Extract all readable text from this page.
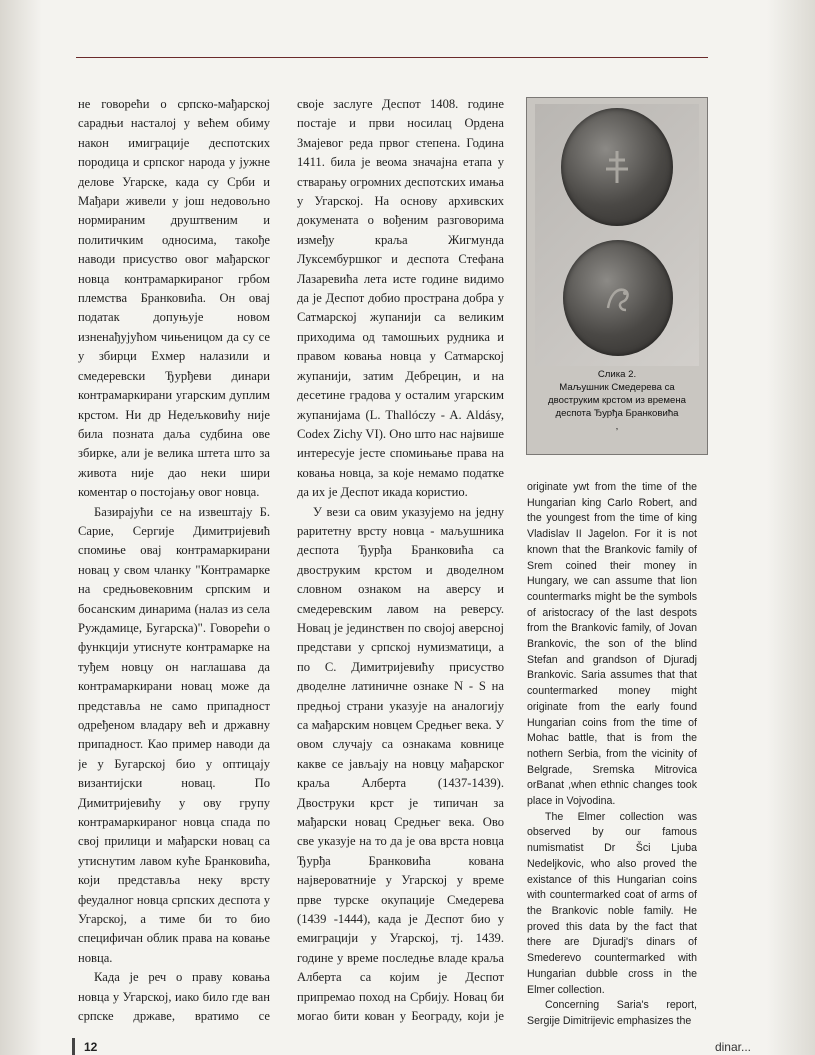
не говорећи о српско-мађарској сарадњи насталој у већем обиму након имиграције деспотских породица и српског народа у јужне делове Угарске, када су Срби и Мађари живели у још недовољно нормираним друштвеним и политичким односима, такође наводи присуство овог мађарског новца контрамаркираног грбом племства Бранковића. Он овај податак допуњује новом изненађујућом чињеницом да су се у збирци Ехмер налазили и смедеревски Ђурђеви динари контрамаркирани угарским дуплим крстом. Ни др Недељковићу није била позната даља судбина ове збирке, али је велика штета што за живота није дао неки шири коментар о постојању овог новца.

Базирајући се на извештају Б. Сарие, Сергије Димитријевић спомиње овај контрамаркирани новац у свом чланку "Контрамарке на средњовековним српским и босанским динарима (налаз из села Руждамице, Бугарска)". Говорећи о функцији утиснуте контрамарке на туђем новцу он наглашава да контрамаркирани новац може да представља не само припадност одређеном владару већ и државну припадност. Као пример наводи да је у Бугарској био у оптицају византијски новац. По Димитријевићу у ову групу контрамаркираног новца спада по свој прилици и мађарски новац са утиснутим лавом куће Бранковића, који представља неку врсту феудалног новца српских деспота у Угарској, а тиме би то био специфичан облик права на ковање новца.

Када је реч о праву ковања новца у Угарској, иако било где ван српске државе, вратимо се

своје заслуге Деспот 1408. године постаје и први носилац Ордена Змајевог реда првог степена. Година 1411. била је веома значајна етапа у стварању огромних деспотских имања у Угарској. На основу архивских докумената о вођеним разговорима између краља Жигмунда Луксембуршког и деспота Стефана Лазаревића лета исте године видимо да је Деспот добио пространа добра у Сатмарској жупанији са великим приходима од тамошњих рудника и правом ковања новца у Сатмарској жупанији, затим Дебрецин, и на десетине градова у осталим угарским жупанијама (L. Thallóczy - A. Aldásy, Codex Zichy VI). Оно што нас највише интересује јесте спомињање права на ковања новца, за које немамо податке да их је Деспот икада користио.

У вези са овим указујемо на једну раритетну врсту новца - маљушника деспота Ђурђа Бранковића са двоструким крстом и дводелном словном ознаком на аверсу и смедеревским лавом на реверсу. Новац је јединствен по својој аверсној представи у српској нумизматици, а по С. Димитријевићу присуство дводелне латиничне ознаке N - S на предњој страни указује на аналогију са мађарским новцем Средњег века. У овом случају са ознакама ковнице какве се јављају на новцу мађарског краља Алберта (1437-1439). Двоструки крст је типичан за мађарски новац Средњег века. Ово све указује на то да је ова врста новца Ђурђа Бранковића кована највероватније у Угарској у време прве турске окупације Смедерева (1439 -1444), када је Деспот био у емиграцији у Угарској, тј. 1439. године у време последње владе краља Алберта са којим је Деспот припремао поход на Србију. Новац би могао бити кован у Београду, који је

Слика 2.
Маљушник Смедерева са двоструким крстом из времена деспота Ђурђа Бранковића
,

originate ywt from the time of the Hungarian king Carlo Robert, and the youngest from the time of king Vladislav II Jagelon. For it is not known that the Brankovic family of Srem coined their money in Hungary, we can assume that lion countermarks might be the symbols of aristocracy of the last despots from the Brankovic family, of Jovan Brankovic, the son of the blind Stefan and grandson of Djuradj Brankovic. Saria assumes that that countermarked money might originate from the early found Hungarian coins from the time of Mohac battle, that is from the nothern Serbia, from the vicinity of Belgrade, Sremska Mitrovica orBanat ,when ethnic changes took place in Vojvodina.

The Elmer collection was observed by our famous numismatist Dr Šci Ljuba Nedeljkovic, who also proved the existance of this Hungarian coins with countermarked coat of arms of the Brankovic noble family. He proved this data by the fact that there are Djuradj's dinars of Smederevo countermarked with Hungarian dubble cross in the Elmer collection.

Concerning Saria's report, Sergije Dimitrijevic emphasizes the

12	dinar...
